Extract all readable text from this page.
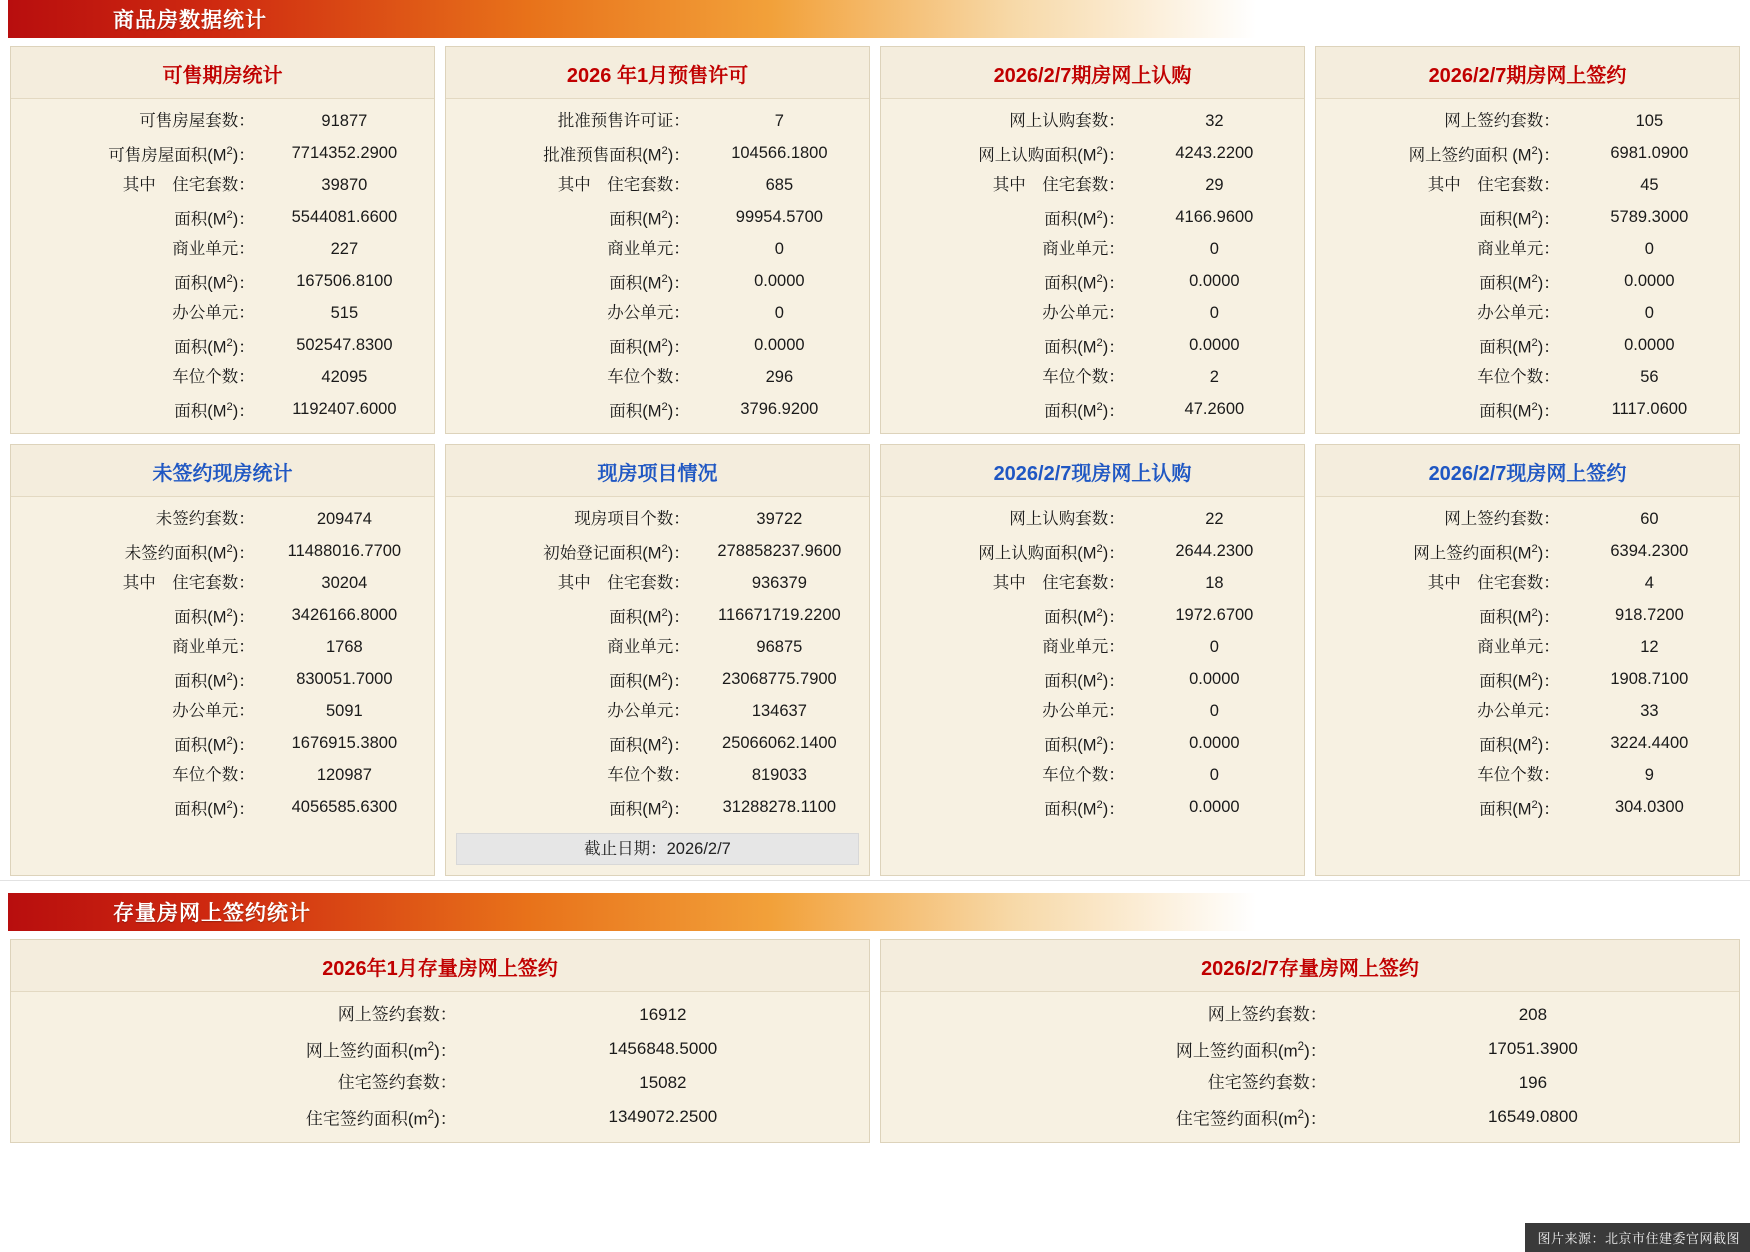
商品房数据统计
可售期房统计
可售房屋套数：	91877
可售房屋面积$(M^2)$：	7714352.2900
其中　住宅套数：	39870
面积$(M^2)$：	5544081.6600
商业单元：	227
面积$(M^2)$：	167506.8100
办公单元：	515
面积$(M^2)$：	502547.8300
车位个数：	42095
面积$(M^2)$：	1192407.6000
2026 年1月预售许可
批准预售许可证：	7
批准预售面积$(M^2)$：	104566.1800
其中　住宅套数：	685
面积$(M^2)$：	99954.5700
商业单元：	0
面积$(M^2)$：	0.0000
办公单元：	0
面积$(M^2)$：	0.0000
车位个数：	296
面积$(M^2)$：	3796.9200
2026/2/7期房网上认购
网上认购套数：	32
网上认购面积$(M^2)$：	4243.2200
其中　住宅套数：	29
面积$(M^2)$：	4166.9600
商业单元：	0
面积$(M^2)$：	0.0000
办公单元：	0
面积$(M^2)$：	0.0000
车位个数：	2
面积$(M^2)$：	47.2600
2026/2/7期房网上签约
网上签约套数：	105
网上签约面积 $(M^2)$：	6981.0900
其中　住宅套数：	45
面积$(M^2)$：	5789.3000
商业单元：	0
面积$(M^2)$：	0.0000
办公单元：	0
面积$(M^2)$：	0.0000
车位个数：	56
面积$(M^2)$：	1117.0600
未签约现房统计
未签约套数：	209474
未签约面积$(M^2)$：	11488016.7700
其中　住宅套数：	30204
面积$(M^2)$：	3426166.8000
商业单元：	1768
面积$(M^2)$：	830051.7000
办公单元：	5091
面积$(M^2)$：	1676915.3800
车位个数：	120987
面积$(M^2)$：	4056585.6300
现房项目情况
现房项目个数：	39722
初始登记面积$(M^2)$：	278858237.9600
其中　住宅套数：	936379
面积$(M^2)$：	116671719.2200
商业单元：	96875
面积$(M^2)$：	23068775.7900
办公单元：	134637
面积$(M^2)$：	25066062.1400
车位个数：	819033
面积$(M^2)$：	31288278.1100
截止日期：2026/2/7
2026/2/7现房网上认购
网上认购套数：	22
网上认购面积$(M^2)$：	2644.2300
其中　住宅套数：	18
面积$(M^2)$：	1972.6700
商业单元：	0
面积$(M^2)$：	0.0000
办公单元：	0
面积$(M^2)$：	0.0000
车位个数：	0
面积$(M^2)$：	0.0000
2026/2/7现房网上签约
网上签约套数：	60
网上签约面积$(M^2)$：	6394.2300
其中　住宅套数：	4
面积$(M^2)$：	918.7200
商业单元：	12
面积$(M^2)$：	1908.7100
办公单元：	33
面积$(M^2)$：	3224.4400
车位个数：	9
面积$(M^2)$：	304.0300
存量房网上签约统计
2026年1月存量房网上签约
网上签约套数：	16912
网上签约面积$(m^2)$：	1456848.5000
住宅签约套数：	15082
住宅签约面积$(m^2)$：	1349072.2500
2026/2/7存量房网上签约
网上签约套数：	208
网上签约面积$(m^2)$：	17051.3900
住宅签约套数：	196
住宅签约面积$(m^2)$：	16549.0800
图片来源：北京市住建委官网截图
